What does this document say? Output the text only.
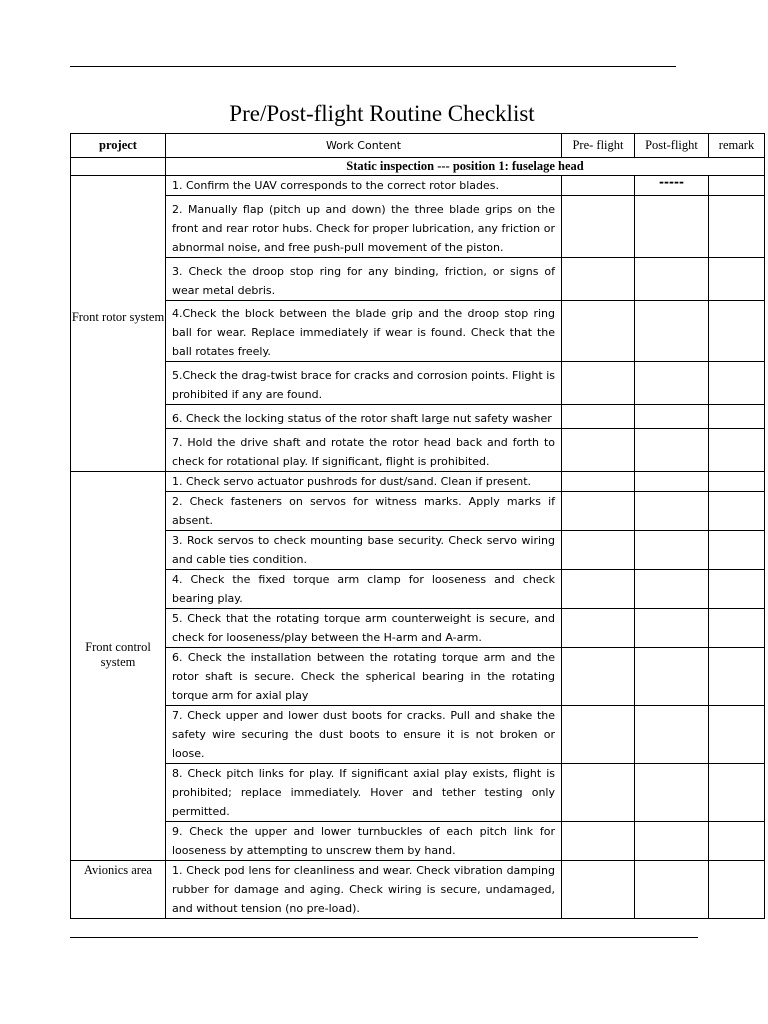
Pre/Post-flight Routine Checklist
project	Work Content	Pre- flight	Post-flight	remark
	Static inspection --- position 1: fuselage head			
Front rotor system	1. Confirm the UAV corresponds to the correct rotor blades.		-----	
	2. Manually flap (pitch up and down) the three blade grips on the front and rear rotor hubs. Check for proper lubrication, any friction or abnormal noise, and free push-pull movement of the piston.			
	3. Check the droop stop ring for any binding, friction, or signs of wear metal debris.			
	4.Check the block between the blade grip and the droop stop ring ball for wear. Replace immediately if wear is found. Check that the ball rotates freely.			
	5.Check the drag-twist brace for cracks and corrosion points. Flight is prohibited if any are found.			
	6. Check the locking status of the rotor shaft large nut safety washer			
	7. Hold the drive shaft and rotate the rotor head back and forth to check for rotational play. If significant, flight is prohibited.			
Front control system	1. Check servo actuator pushrods for dust/sand. Clean if present.			
	2. Check fasteners on servos for witness marks. Apply marks if absent.			
	3. Rock servos to check mounting base security. Check servo wiring and cable ties condition.			
	4. Check the fixed torque arm clamp for looseness and check bearing play.			
	5. Check that the rotating torque arm counterweight is secure, and check for looseness/play between the H-arm and A-arm.			
	6. Check the installation between the rotating torque arm and the rotor shaft is secure. Check the spherical bearing in the rotating torque arm for axial play			
	7. Check upper and lower dust boots for cracks. Pull and shake the safety wire securing the dust boots to ensure it is not broken or loose.			
	8. Check pitch links for play. If significant axial play exists, flight is prohibited; replace immediately. Hover and tether testing only permitted.			
	9. Check the upper and lower turnbuckles of each pitch link for looseness by attempting to unscrew them by hand.			
Avionics area	1. Check pod lens for cleanliness and wear. Check vibration damping rubber for damage and aging. Check wiring is secure, undamaged, and without tension (no pre-load).			
